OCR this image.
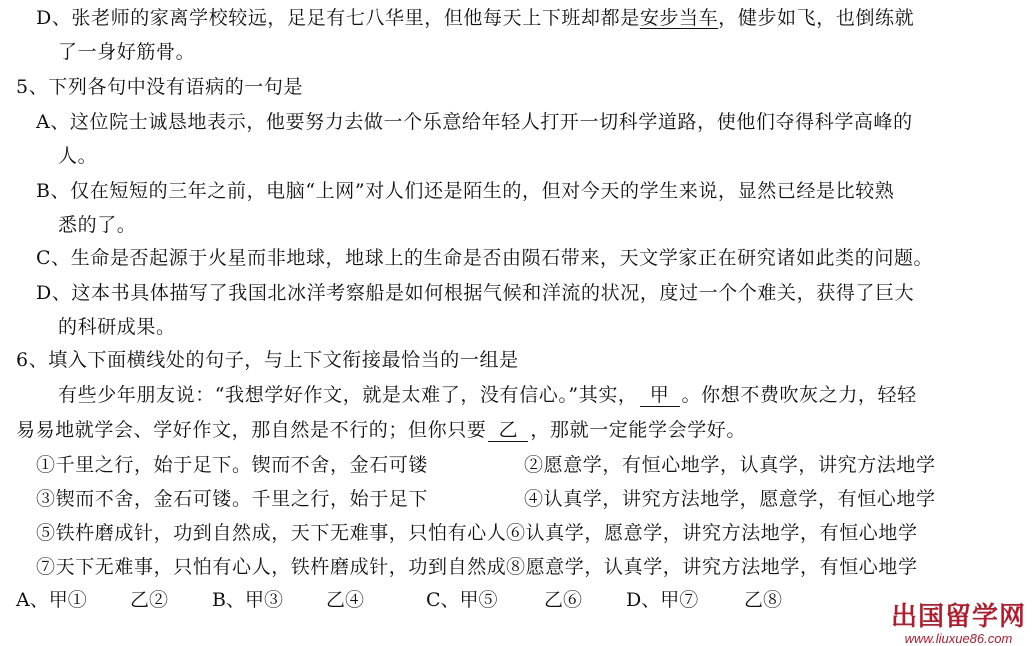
D、张老师的家离学校较远，足足有七八华里，但他每天上下班却都是安步当车，健步如飞，也倒练就
了一身好筋骨。
5、下列各句中没有语病的一句是
A、这位院士诚恳地表示，他要努力去做一个乐意给年轻人打开一切科学道路，使他们夺得科学高峰的
人。
B、仅在短短的三年之前，电脑“上网”对人们还是陌生的，但对今天的学生来说，显然已经是比较熟
悉的了。
C、生命是否起源于火星而非地球，地球上的生命是否由陨石带来，天文学家正在研究诸如此类的问题。
D、这本书具体描写了我国北冰洋考察船是如何根据气候和洋流的状况，度过一个个难关，获得了巨大
的科研成果。
6、填入下面横线处的句子，与上下文衔接最恰当的一组是
有些少年朋友说：“我想学好作文，就是太难了，没有信心。”其实， 甲 。你想不费吹灰之力，轻轻
易易地就学会、学好作文，那自然是不行的；但你只要 乙 ，那就一定能学会学好。
①千里之行，始于足下。锲而不舍，金石可镂	②愿意学，有恒心地学，认真学，讲究方法地学
③锲而不舍，金石可镂。千里之行，始于足下	④认真学，讲究方法地学，愿意学，有恒心地学
⑤铁杵磨成针，功到自然成，天下无难事，只怕有心人 ⑥认真学，愿意学，讲究方法地学，有恒心地学
⑦天下无难事，只怕有心人，铁杵磨成针，功到自然成 ⑧愿意学，认真学，讲究方法地学，有恒心地学
A、甲① 乙② B、甲③ 乙④	C、甲⑤ 乙⑥ D、甲⑦ 乙⑧
出国留学网
www.liuxue86.com
